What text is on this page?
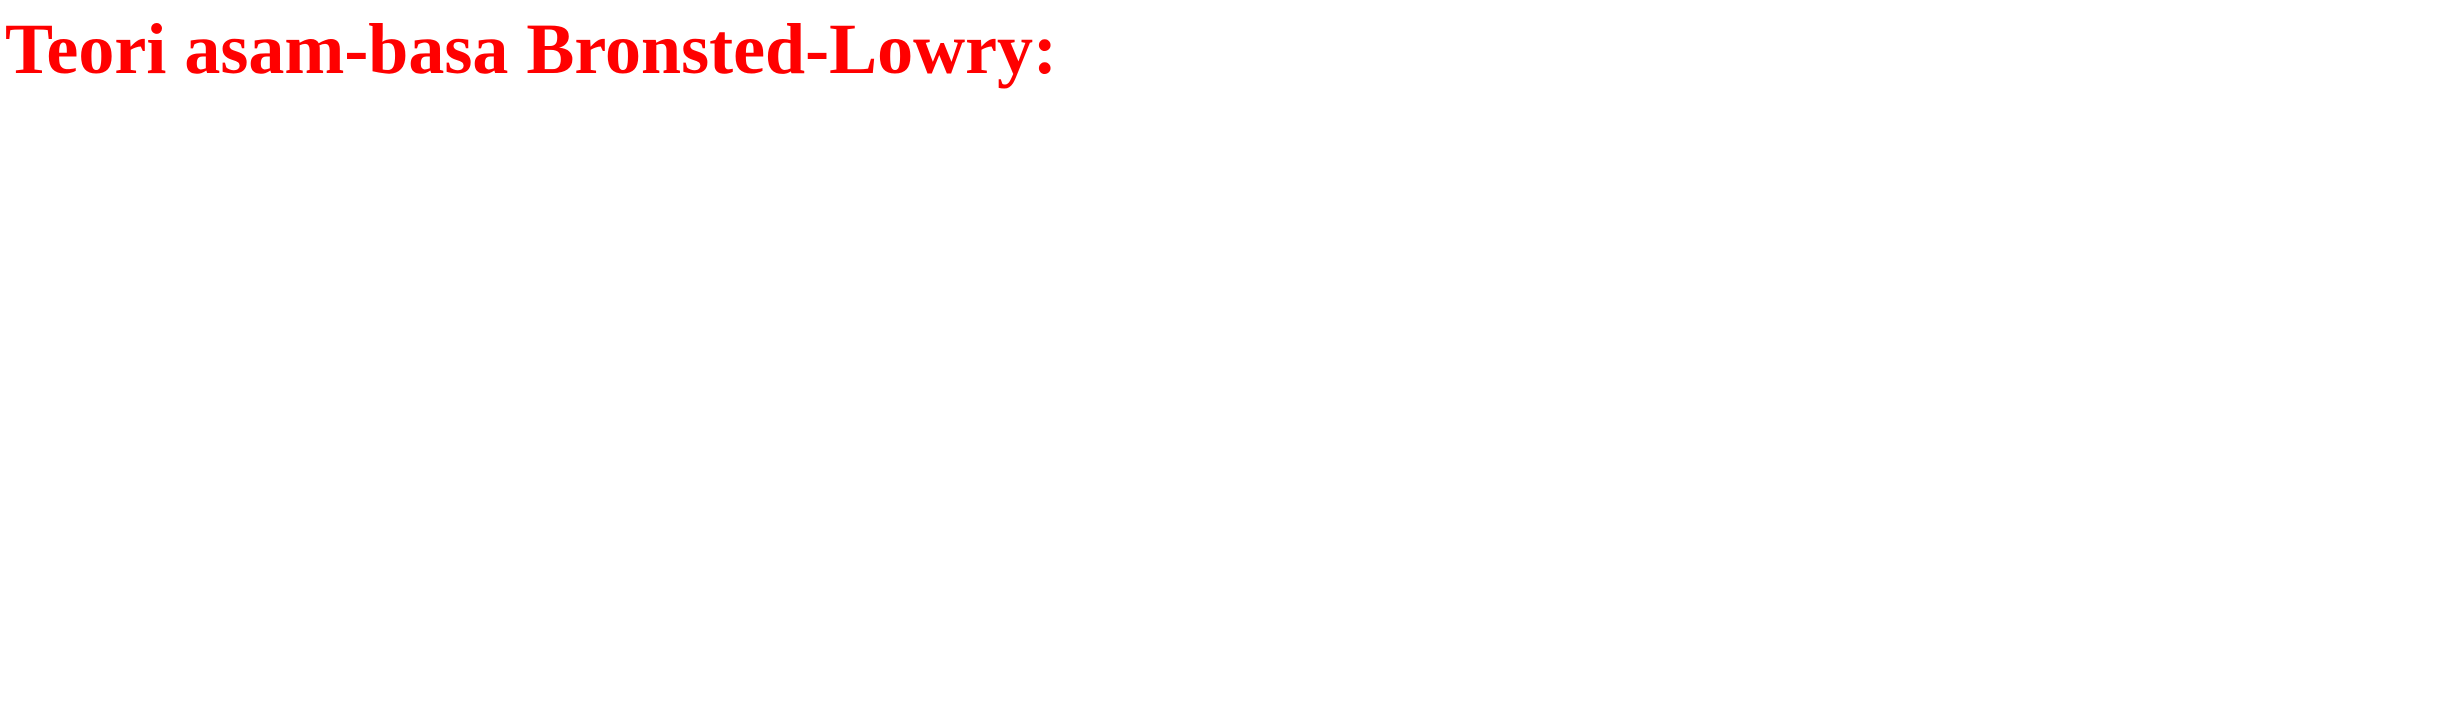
Teori asam-basa Bronsted-Lowry:
